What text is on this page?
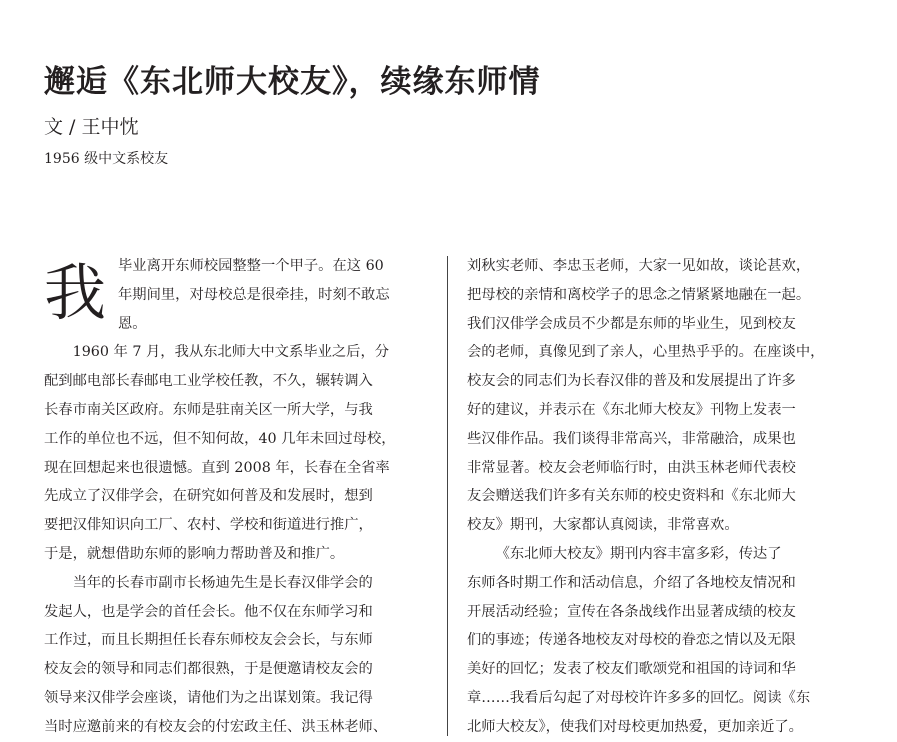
邂逅《东北师大校友》，续缘东师情
文 / 王中忱
1956 级中文系校友
我 毕业离开东师校园整整一个甲子。在这 60

年期间里，对母校总是很牵挂，时刻不敢忘

恩。

1960 年 7 月，我从东北师大中文系毕业之后，分

配到邮电部长春邮电工业学校任教，不久，辗转调入

长春市南关区政府。东师是驻南关区一所大学，与我

工作的单位也不远，但不知何故，40 几年未回过母校，

现在回想起来也很遗憾。直到 2008 年，长春在全省率

先成立了汉俳学会，在研究如何普及和发展时，想到

要把汉俳知识向工厂、农村、学校和街道进行推广，

于是，就想借助东师的影响力帮助普及和推广。

当年的长春市副市长杨迪先生是长春汉俳学会的

发起人，也是学会的首任会长。他不仅在东师学习和

工作过，而且长期担任长春东师校友会会长，与东师

校友会的领导和同志们都很熟，于是便邀请校友会的

领导来汉俳学会座谈，请他们为之出谋划策。我记得

当时应邀前来的有校友会的付宏政主任、洪玉林老师、

刘秋实老师、李忠玉老师，大家一见如故，谈论甚欢，

把母校的亲情和离校学子的思念之情紧紧地融在一起。

我们汉俳学会成员不少都是东师的毕业生，见到校友

会的老师，真像见到了亲人，心里热乎乎的。在座谈中，

校友会的同志们为长春汉俳的普及和发展提出了许多

好的建议，并表示在《东北师大校友》刊物上发表一

些汉俳作品。我们谈得非常高兴，非常融洽，成果也

非常显著。校友会老师临行时，由洪玉林老师代表校

友会赠送我们许多有关东师的校史资料和《东北师大

校友》期刊，大家都认真阅读，非常喜欢。

《东北师大校友》期刊内容丰富多彩，传达了

东师各时期工作和活动信息，介绍了各地校友情况和

开展活动经验；宣传在各条战线作出显著成绩的校友

们的事迹；传递各地校友对母校的眷恋之情以及无限

美好的回忆；发表了校友们歌颂党和祖国的诗词和华

章……我看后勾起了对母校许许多多的回忆。阅读《东

北师大校友》，使我们对母校更加热爱，更加亲近了。
